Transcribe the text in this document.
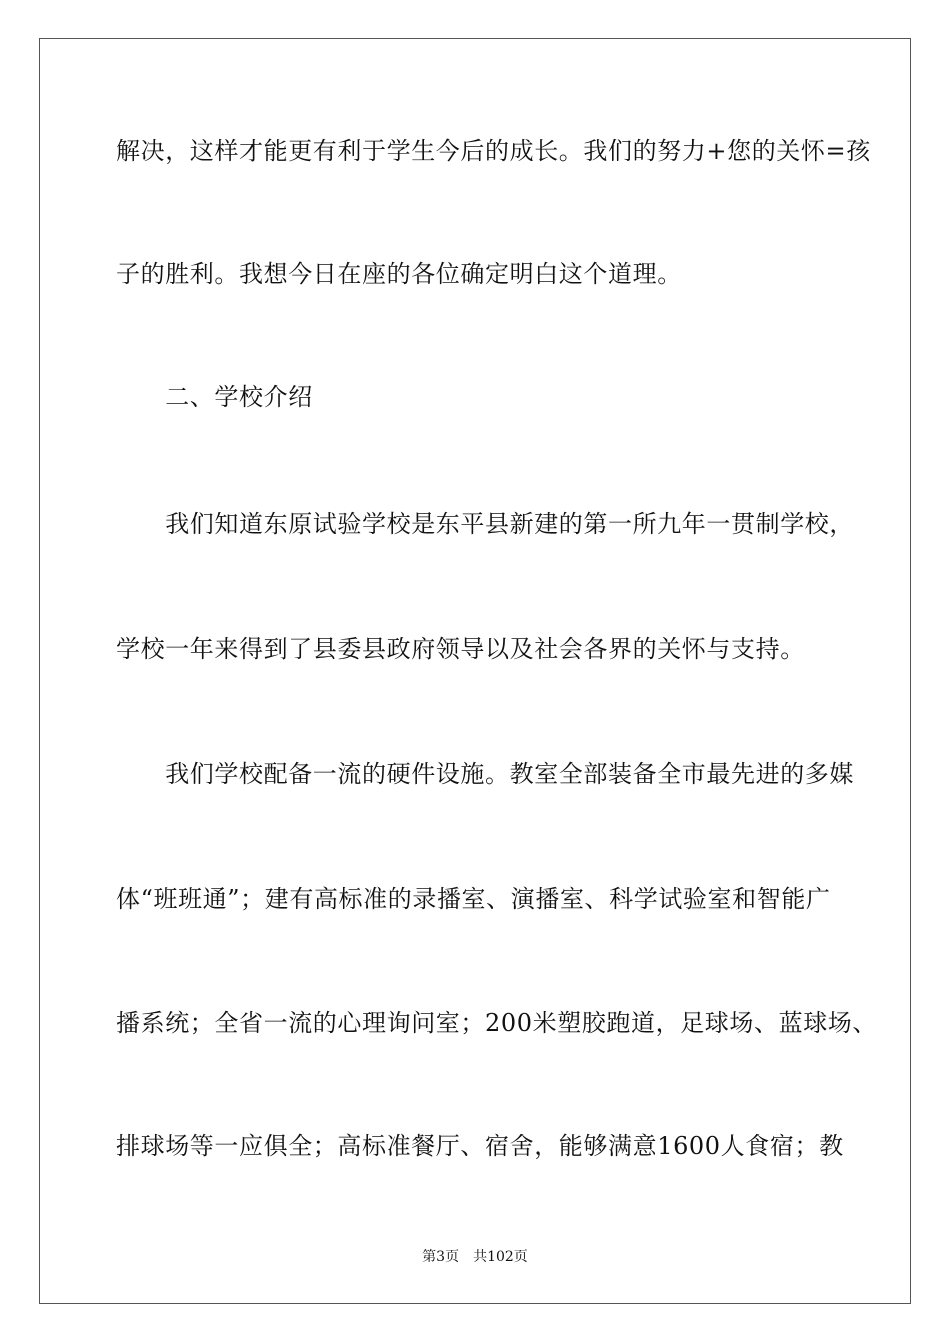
解决，这样才能更有利于学生今后的成长。我们的努力+您的关怀=孩
子的胜利。我想今日在座的各位确定明白这个道理。
　　二、学校介绍
　　我们知道东原试验学校是东平县新建的第一所九年一贯制学校，
学校一年来得到了县委县政府领导以及社会各界的关怀与支持。
　　我们学校配备一流的硬件设施。教室全部装备全市最先进的多媒
体“班班通”；建有高标准的录播室、演播室、科学试验室和智能广
播系统；全省一流的心理询问室；200米塑胶跑道，足球场、蓝球场、
排球场等一应俱全；高标准餐厅、宿舍，能够满意1600人食宿；教
第3页　共102页
